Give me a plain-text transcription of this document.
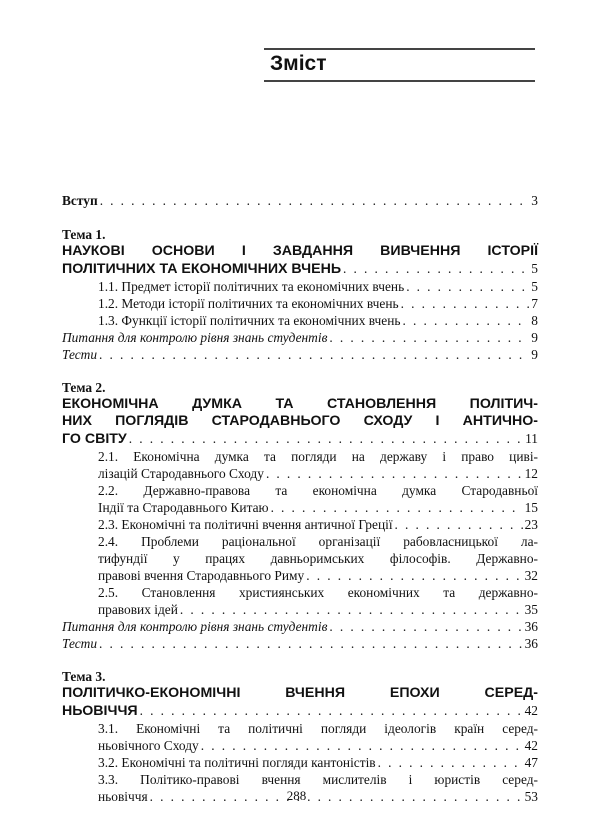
Зміст
Вступ . . .	3
Тема 1.
НАУКОВІ ОСНОВИ І ЗАВДАННЯ ВИВЧЕННЯ ІСТОРІЇ
ПОЛІТИЧНИХ ТА ЕКОНОМІЧНИХ ВЧЕНЬ . . .	5
1.1. Предмет історії політичних та економічних вчень . . .	5
1.2. Методи історії політичних та економічних вчень . . .	7
1.3. Функції історії політичних та економічних вчень . . .	8
Питання для контролю рівня знань студентів . . .	9
Тести . . .	9
Тема 2.
ЕКОНОМІЧНА ДУМКА ТА СТАНОВЛЕННЯ ПОЛІТИЧ-
НИХ ПОГЛЯДІВ СТАРОДАВНЬОГО СХОДУ І АНТИЧНО-
ГО СВІТУ . . .	11
2.1. Економічна думка та погляди на державу і право циві-
лізацій Стародавнього Сходу . . .	12
2.2. Державно-правова та економічна думка Стародавньої
Індії та Стародавнього Китаю . . .	15
2.3. Економічні та політичні вчення античної Греції . . .	23
2.4. Проблеми раціональної організації рабовласницької ла-
тифундії у працях давньоримських філософів. Державно-
правові вчення Стародавнього Риму . . .	32
2.5. Становлення християнських економічних та державно-
правових ідей . . .	35
Питання для контролю рівня знань студентів . . .	36
Тести . . .	36
Тема 3.
ПОЛІТИЧКО-ЕКОНОМІЧНІ ВЧЕННЯ ЕПОХИ СЕРЕД-
НЬОВІЧЧЯ . . .	42
3.1. Економічні та політичні погляди ідеологів країн серед-
ньовічного Сходу . . .	42
3.2. Економічні та політичні погляди кантоністів . . .	47
3.3. Політико-правові вчення мислителів і юристів серед-
ньовіччя . . .	53
288
